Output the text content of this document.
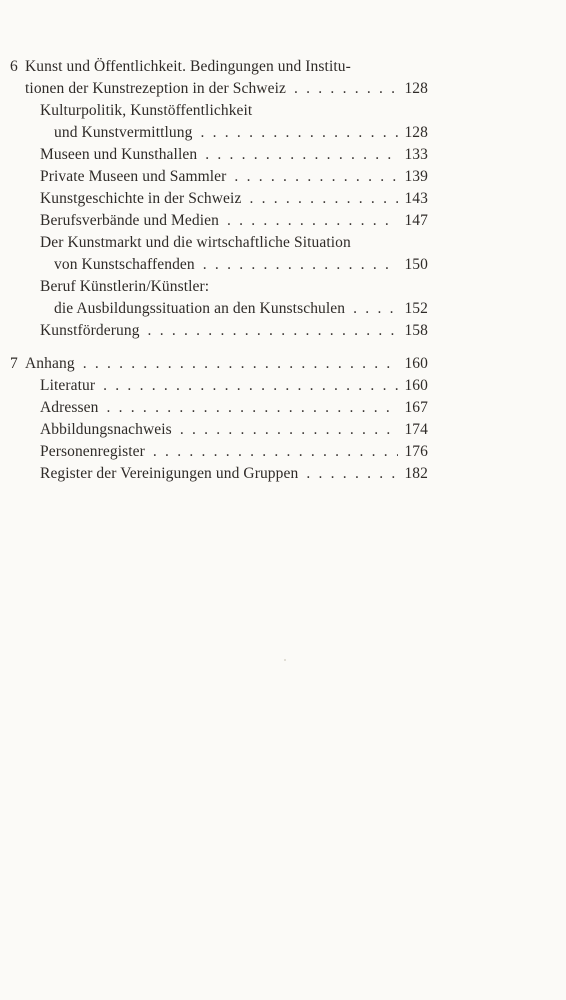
6 Kunst und Öffentlichkeit. Bedingungen und Institu-
tionen der Kunstrezeption in der Schweiz . . .	128
Kulturpolitik, Kunstöffentlichkeit
und Kunstvermittlung . . .	128
Museen und Kunsthallen . . .	133
Private Museen und Sammler . . .	139
Kunstgeschichte in der Schweiz . . .	143
Berufsverbände und Medien . . .	147
Der Kunstmarkt und die wirtschaftliche Situation
von Kunstschaffenden . . .	150
Beruf Künstlerin/Künstler:
die Ausbildungssituation an den Kunstschulen . . .	152
Kunstförderung . . .	158
7 Anhang . . .	160
Literatur . . .	160
Adressen . . .	167
Abbildungsnachweis . . .	174
Personenregister . . .	176
Register der Vereinigungen und Gruppen . . .	182
